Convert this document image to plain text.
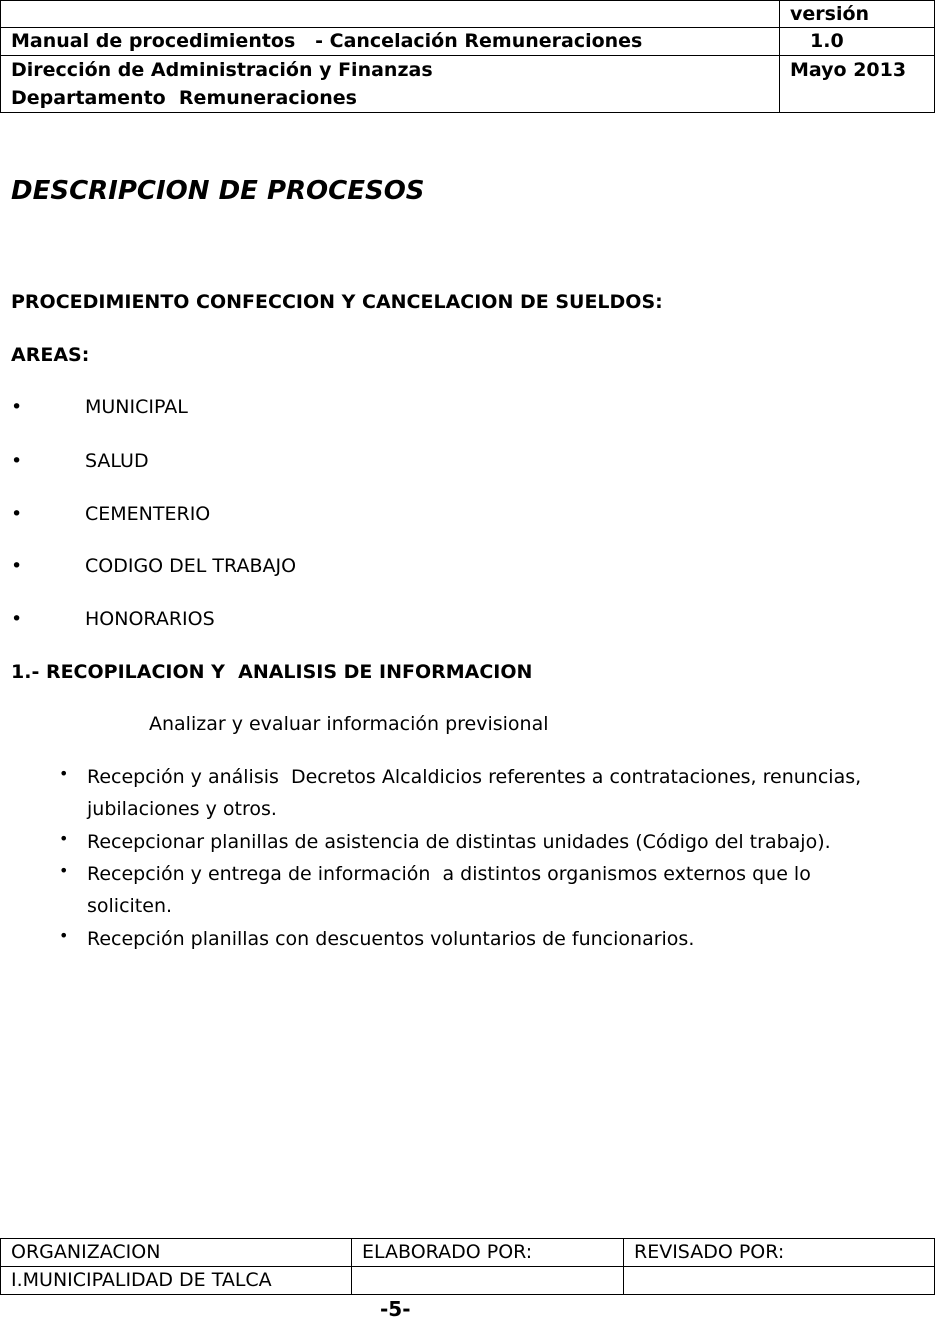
	versión
Manual de procedimientos   - Cancelación Remuneraciones	1.0

Dirección de Administración y Finanzas
Departamento  Remuneraciones	Mayo 2013
DESCRIPCION DE PROCESOS
PROCEDIMIENTO CONFECCION Y CANCELACION DE SUELDOS:
AREAS:
•	MUNICIPAL
•	SALUD
•	CEMENTERIO
•	CODIGO DEL TRABAJO
•	HONORARIOS
1.- RECOPILACION Y  ANALISIS DE INFORMACION
Analizar y evaluar información previsional
• Recepción y análisis  Decretos Alcaldicios referentes a contrataciones, renuncias, jubilaciones y otros.
• Recepcionar planillas de asistencia de distintas unidades (Código del trabajo).
• Recepción y entrega de información  a distintos organismos externos que lo soliciten.
• Recepción planillas con descuentos voluntarios de funcionarios.
ORGANIZACION	ELABORADO POR:	REVISADO POR:
I.MUNICIPALIDAD DE TALCA		
-5-
